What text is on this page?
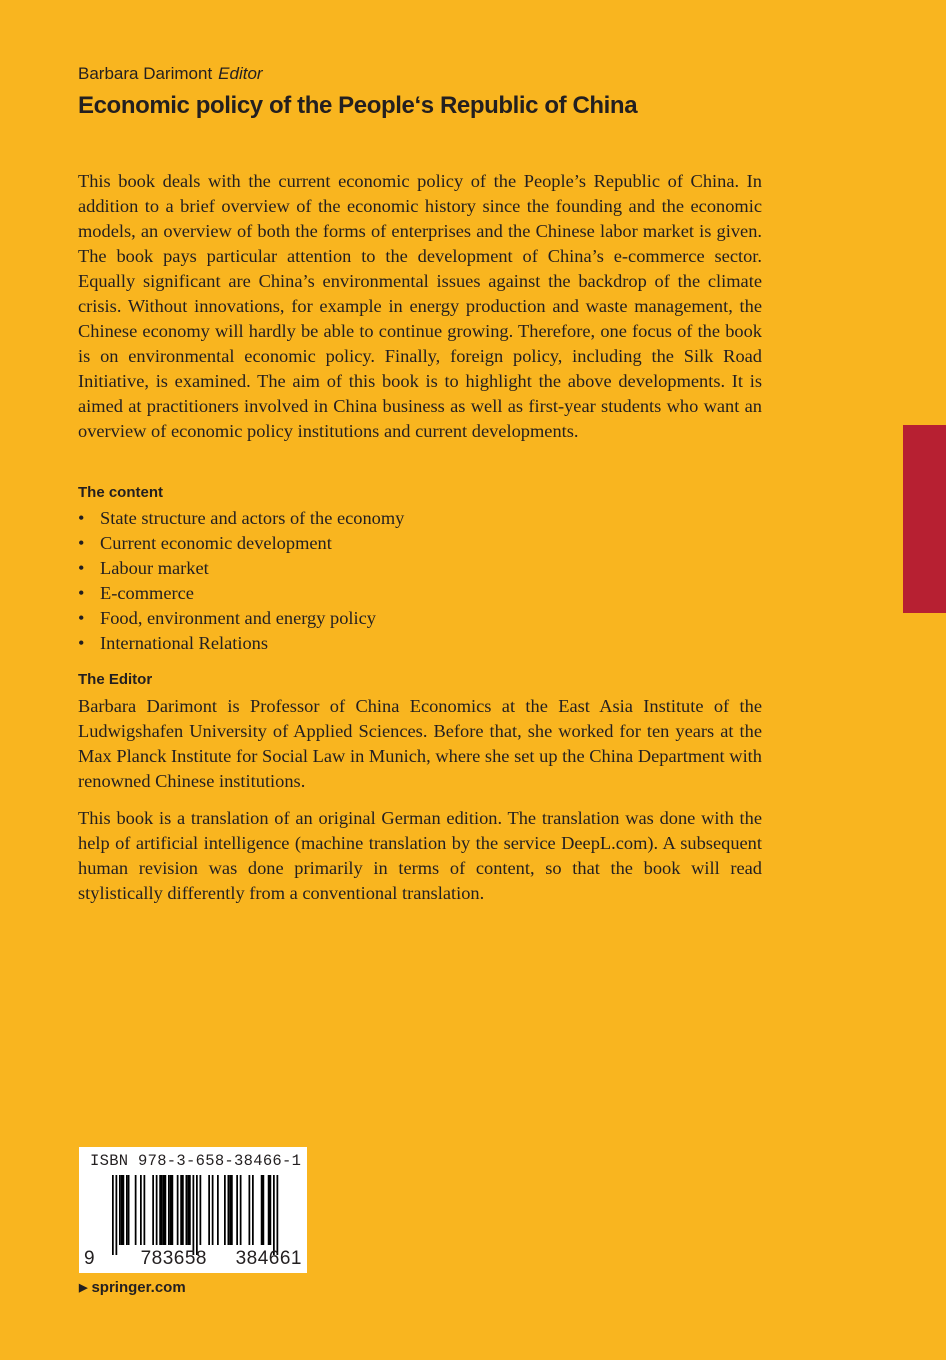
Barbara Darimont Editor
Economic policy of the People‘s Republic of China

This book deals with the current economic policy of the People’s Republic of China. In addition to a brief overview of the economic history since the founding and the economic models, an overview of both the forms of enterprises and the Chinese labor market is given. The book pays particular attention to the development of China’s e-commerce sector. Equally significant are China’s environmental issues against the backdrop of the climate crisis. Without innovations, for example in energy production and waste management, the Chinese economy will hardly be able to continue growing. Therefore, one focus of the book is on environmental economic policy. Finally, foreign policy, including the Silk Road Initiative, is examined. The aim of this book is to highlight the above developments. It is aimed at practitioners involved in China business as well as first-year students who want an overview of economic policy institutions and current developments.

The content
• State structure and actors of the economy
• Current economic development
• Labour market
• E-commerce
• Food, environment and energy policy
• International Relations
The Editor

Barbara Darimont is Professor of China Economics at the East Asia Institute of the Ludwigshafen University of Applied Sciences. Before that, she worked for ten years at the Max Planck Institute for Social Law in Munich, where she set up the China Department with renowned Chinese institutions.

This book is a translation of an original German edition. The translation was done with the help of artificial intelligence (machine translation by the service DeepL.com). A subsequent human revision was done primarily in terms of content, so that the book will read stylistically differently from a conventional translation.

ISBN 978-3-658-38466-1
9	783658 384661
▶ springer.com
